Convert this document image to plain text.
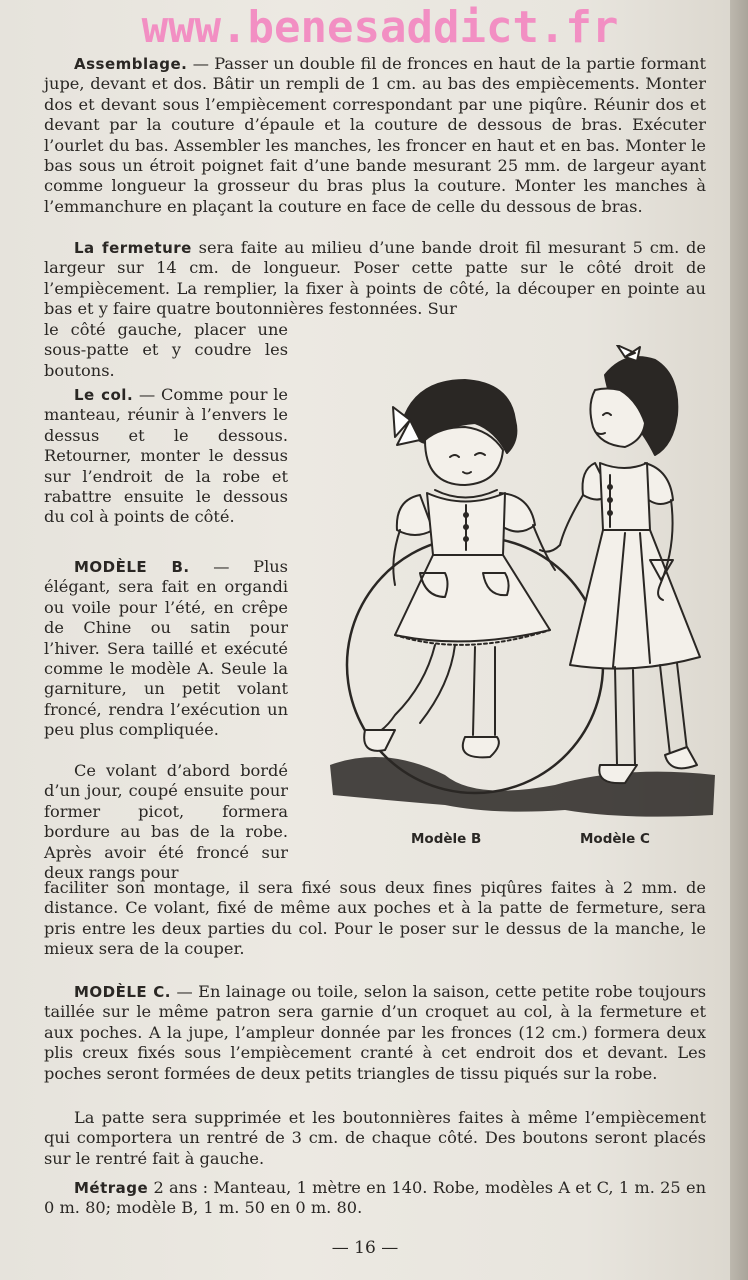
www.benesaddict.fr

Assemblage. — Passer un double fil de fronces en haut de la partie formant jupe, devant et dos. Bâtir un rempli de 1 cm. au bas des empiècements. Monter dos et devant sous l’empiècement correspondant par une piqûre. Réunir dos et devant par la couture d’épaule et la couture de dessous de bras. Exécuter l’ourlet du bas. Assembler les manches, les froncer en haut et en bas. Monter le bas sous un étroit poignet fait d’une bande mesurant 25 mm. de largeur ayant comme longueur la grosseur du bras plus la couture. Monter les manches à l’emmanchure en plaçant la couture en face de celle du dessous de bras.

La fermeture sera faite au milieu d’une bande droit fil mesurant 5 cm. de largeur sur 14 cm. de longueur. Poser cette patte sur le côté droit de l’empiècement. La remplier, la fixer à points de côté, la découper en pointe au bas et y faire quatre boutonnières festonnées. Sur

le côté gauche, placer une sous-patte et y coudre les boutons.

Le col. — Comme pour le manteau, réunir à l’envers le dessus et le dessous. Retourner, monter le dessus sur l’endroit de la robe et rabattre ensuite le dessous du col à points de côté.

MODÈLE B. — Plus élégant, sera fait en organdi ou voile pour l’été, en crêpe de Chine ou satin pour l’hiver. Sera taillé et exécuté comme le modèle A. Seule la garniture, un petit volant froncé, rendra l’exécution un peu plus compliquée.

Ce volant d’abord bordé d’un jour, coupé ensuite pour former picot, formera bordure au bas de la robe. Après avoir été froncé sur deux rangs pour

faciliter son montage, il sera fixé sous deux fines piqûres faites à 2 mm. de distance. Ce volant, fixé de même aux poches et à la patte de fermeture, sera pris entre les deux parties du col. Pour le poser sur le dessus de la manche, le mieux sera de la couper.

MODÈLE C. — En lainage ou toile, selon la saison, cette petite robe toujours taillée sur le même patron sera garnie d’un croquet au col, à la fermeture et aux poches. A la jupe, l’ampleur donnée par les fronces (12 cm.) formera deux plis creux fixés sous l’empiècement cranté à cet endroit dos et devant. Les poches seront formées de deux petits triangles de tissu piqués sur la robe.

La patte sera supprimée et les boutonnières faites à même l’empiècement qui comportera un rentré de 3 cm. de chaque côté. Des boutons seront placés sur le rentré fait à gauche.

Métrage 2 ans : Manteau, 1 mètre en 140. Robe, modèles A et C, 1 m. 25 en 0 m. 80; modèle B, 1 m. 50 en 0 m. 80.

Modèle B	Modèle C
— 16 —
